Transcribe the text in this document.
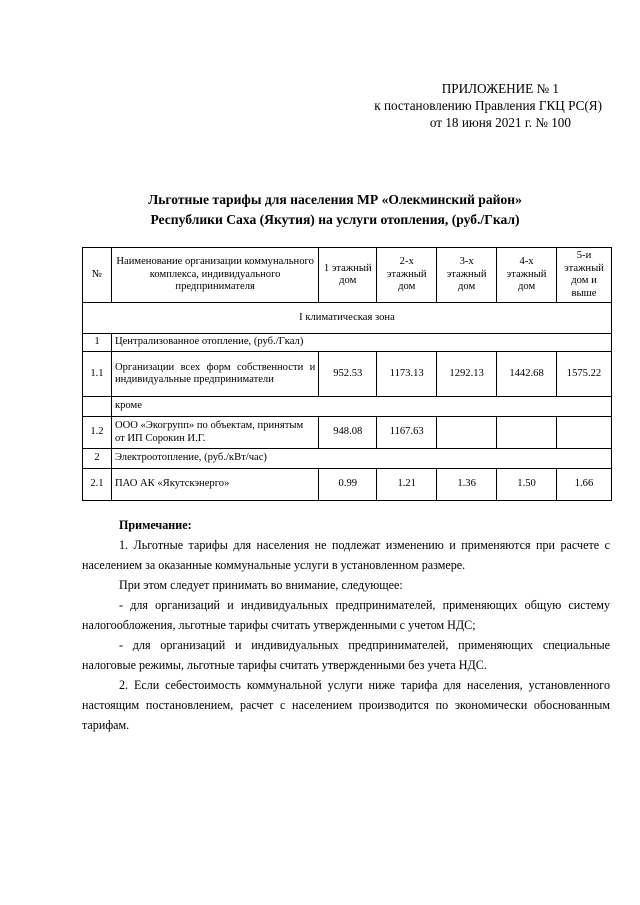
ПРИЛОЖЕНИЕ № 1
к постановлению Правления ГКЦ РС(Я)
от 18 июня 2021 г. № 100
Льготные тарифы для населения МР «Олекминский район»
Республики Саха (Якутия) на услуги отопления, (руб./Гкал)
№	Наименование организации коммунального комплекса, индивидуального предпринимателя	1 этажный дом	2-х этажный дом	3-х этажный дом	4-х этажный дом	5-и этажный дом и выше
I климатическая зона						
1	Централизованное отопление, (руб./Гкал)					
1.1	Организации всех форм собственности и индивидуальные предприниматели	952.53	1173.13	1292.13	1442.68	1575.22
	кроме					
1.2	ООО «Экогрупп» по объектам, принятым от ИП Сорокин И.Г.	948.08	1167.63			
2	Электроотопление, (руб./кВт/час)					
2.1	ПАО АК «Якутскэнерго»	0.99	1.21	1.36	1.50	1.66

Примечание:

1. Льготные тарифы для населения не подлежат изменению и применяются при расчете с населением за оказанные коммунальные услуги в установленном размере.

При этом следует принимать во внимание, следующее:

- для организаций и индивидуальных предпринимателей, применяющих общую систему налогообложения, льготные тарифы считать утвержденными с учетом НДС;

- для организаций и индивидуальных предпринимателей, применяющих специальные налоговые режимы, льготные тарифы считать утвержденными без учета НДС.

2. Если себестоимость коммунальной услуги ниже тарифа для населения, установленного настоящим постановлением, расчет с населением производится по экономически обоснованным тарифам.
